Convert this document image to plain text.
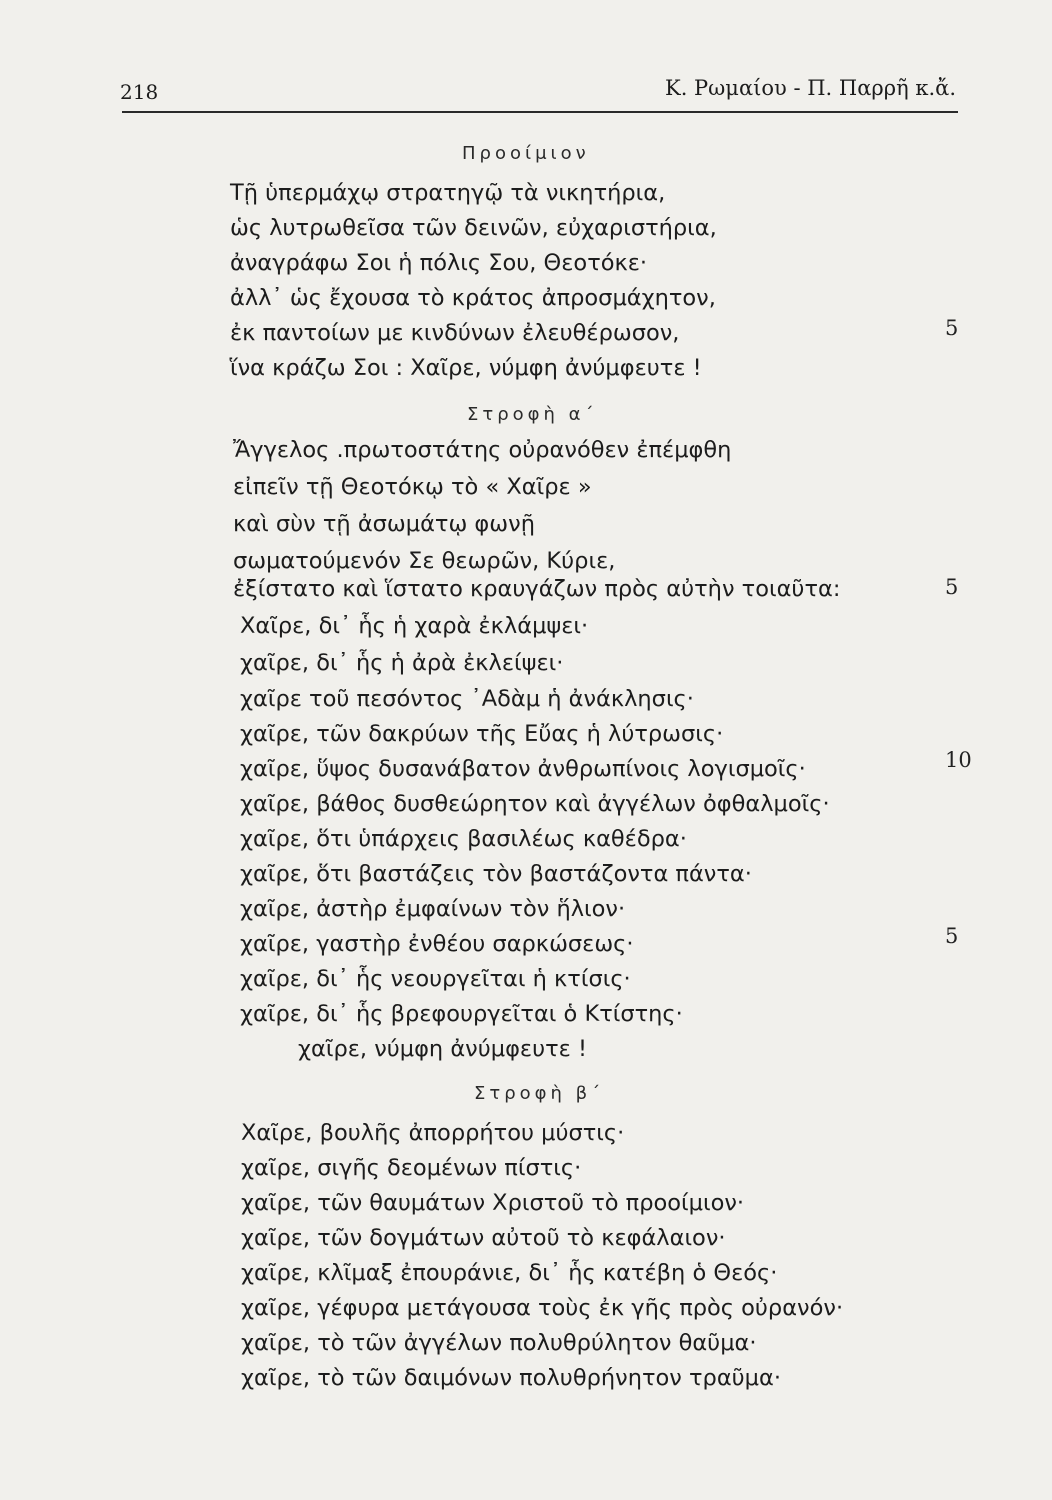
218	Κ. Ρωμαίου - Π. Παρρῆ κ.ἄ.
Προοίμιον
Τῇ ὑπερμάχῳ στρατηγῷ τὰ νικητήρια,
ὡς λυτρωθεῖσα τῶν δεινῶν, εὐχαριστήρια,
ἀναγράφω Σοι ἡ πόλις Σου, Θεοτόκε·
ἀλλ᾽ ὡς ἔχουσα τὸ κράτος ἀπροσμάχητον,
ἐκ παντοίων με κινδύνων ἐλευθέρωσον,
ἵνα κράζω Σοι : Χαῖρε, νύμφη ἀνύμφευτε !
5
Στροφὴ α΄
Ἄγγελος .πρωτοστάτης οὐρανόθεν ἐπέμφθη
εἰπεῖν τῇ Θεοτόκῳ τὸ « Χαῖρε »
καὶ σὺν τῇ ἀσωμάτῳ φωνῇ
σωματούμενόν Σε θεωρῶν, Κύριε,
ἐξίστατο καὶ ἵστατο κραυγάζων πρὸς αὐτὴν τοιαῦτα:
Χαῖρε, δι᾽ ἧς ἡ χαρὰ ἐκλάμψει·
χαῖρε, δι᾽ ἧς ἡ ἀρὰ ἐκλείψει·
χαῖρε τοῦ πεσόντος ᾿Αδὰμ ἡ ἀνάκλησις·
χαῖρε, τῶν δακρύων τῆς Εὔας ἡ λύτρωσις·
χαῖρε, ὕψος δυσανάβατον ἀνθρωπίνοις λογισμοῖς·
χαῖρε, βάθος δυσθεώρητον καὶ ἀγγέλων ὀφθαλμοῖς·
χαῖρε, ὅτι ὑπάρχεις βασιλέως καθέδρα·
χαῖρε, ὅτι βαστάζεις τὸν βαστάζοντα πάντα·
χαῖρε, ἀστὴρ ἐμφαίνων τὸν ἥλιον·
χαῖρε, γαστὴρ ἐνθέου σαρκώσεως·
χαῖρε, δι᾽ ἧς νεουργεῖται ἡ κτίσις·
χαῖρε, δι᾽ ἧς βρεφουργεῖται ὁ Κτίστης·
χαῖρε, νύμφη ἀνύμφευτε !
5
10
5
Στροφὴ β΄
Χαῖρε, βουλῆς ἀπορρήτου μύστις·
χαῖρε, σιγῆς δεομένων πίστις·
χαῖρε, τῶν θαυμάτων Χριστοῦ τὸ προοίμιον·
χαῖρε, τῶν δογμάτων αὐτοῦ τὸ κεφάλαιον·
χαῖρε, κλῖμαξ ἐπουράνιε, δι᾽ ἧς κατέβη ὁ Θεός·
χαῖρε, γέφυρα μετάγουσα τοὺς ἐκ γῆς πρὸς οὐρανόν·
χαῖρε, τὸ τῶν ἀγγέλων πολυθρύλητον θαῦμα·
χαῖρε, τὸ τῶν δαιμόνων πολυθρήνητον τραῦμα·
